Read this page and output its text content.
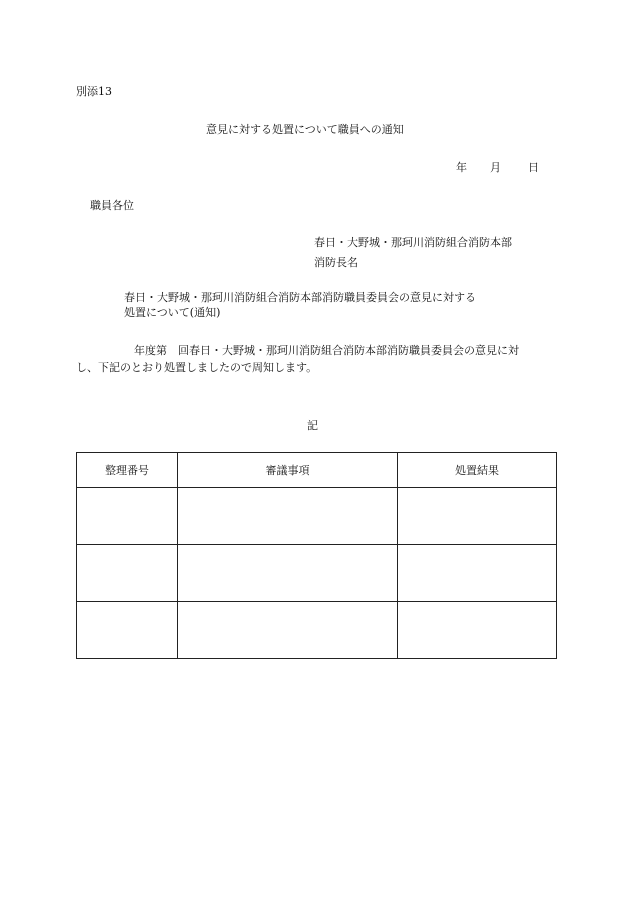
別添13
意見に対する処置について職員への通知
年 月 日
職員各位
春日・大野城・那珂川消防組合消防本部
消防長名
春日・大野城・那珂川消防組合消防本部消防職員委員会の意見に対する
処置について(通知)
年度第　回春日・大野城・那珂川消防組合消防本部消防職員委員会の意見に対
し、下記のとおり処置しましたので周知します。
記
整理番号	審議事項	処置結果
